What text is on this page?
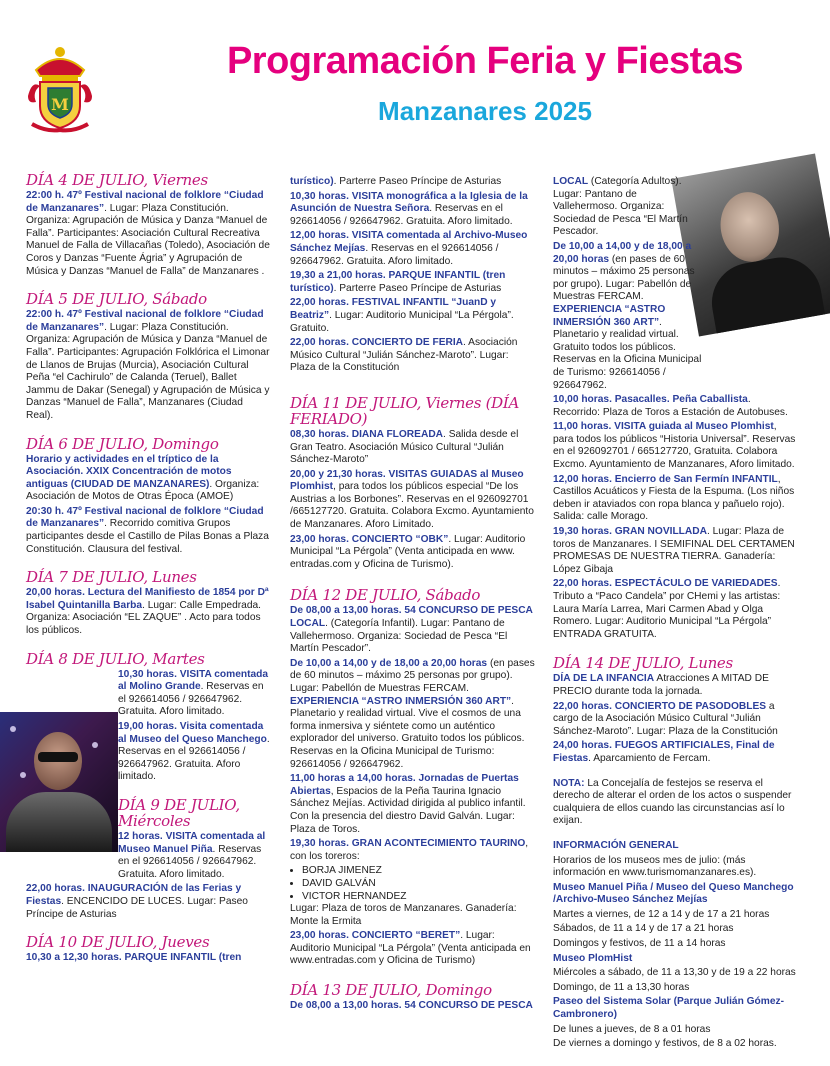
M
Programación Feria y Fiestas
Manzanares 2025
DÍA 4 DE JULIO, Viernes

22:00 h. 47º Festival nacional de folklore “Ciudad de Manzanares”. Lugar: Plaza Constitución. Organiza: Agrupación de Música y Danza “Manuel de Falla”. Participantes: Asociación Cultural Recreativa Manuel de Falla de Villacañas (Toledo), Asociación de Coros y Danzas “Fuente Ágria” y Agrupación de Música y Danzas “Manuel de Falla” de Manzanares .

DÍA 5 DE JULIO, Sábado

22:00 h. 47º Festival nacional de folklore “Ciudad de Manzanares”. Lugar: Plaza Constitución. Organiza: Agrupación de Música y Danza “Manuel de Falla”. Participantes: Agrupación Folklórica el Limonar de Llanos de Brujas (Murcia), Asociación Cultural Peña “el Cachirulo” de Calanda (Teruel), Ballet Jammu de Dakar (Senegal) y Agrupación de Música y Danzas “Manuel de Falla”, Manzanares (Ciudad Real).

DÍA 6 DE JULIO, Domingo

Horario y actividades en el tríptico de la Asociación. XXIX Concentración de motos antiguas (CIUDAD DE MANZANARES). Organiza: Asociación de Motos de Otras Época (AMOE)

20:30 h. 47º Festival nacional de folklore “Ciudad de Manzanares”. Recorrido comitiva Grupos participantes desde el Castillo de Pilas Bonas a Plaza Constitución. Clausura del festival.

DÍA 7 DE JULIO, Lunes

20,00 horas. Lectura del Manifiesto de 1854 por Dª Isabel Quintanilla Barba. Lugar: Calle Empedrada. Organiza: Asociación “EL ZAQUE” . Acto para todos los públicos.

DÍA 8 DE JULIO, Martes

10,30 horas. VISITA comentada al Molino Grande. Reservas en el 926614056 / 926647962. Gratuita. Aforo limitado.

19,00 horas. Visita comentada al Museo del Queso Manchego. Reservas en el 926614056 / 926647962. Gratuita. Aforo limitado.

DÍA 9 DE JULIO, Miércoles

12 horas. VISITA comentada al Museo Manuel Piña. Reservas en el 926614056 / 926647962. Gratuita. Aforo limitado.

22,00 horas. INAUGURACIÓN de las Ferias y Fiestas. ENCENCIDO DE LUCES. Lugar: Paseo Príncipe de Asturias

DÍA 10 DE JULIO, Jueves

10,30 a 12,30 horas. PARQUE INFANTIL (tren

turístico). Parterre Paseo Príncipe de Asturias

10,30 horas. VISITA monográfica a la Iglesia de la Asunción de Nuestra Señora. Reservas en el 926614056 / 926647962. Gratuita. Aforo limitado.

12,00 horas. VISITA comentada al Archivo-Museo Sánchez Mejías. Reservas en el 926614056 / 926647962. Gratuita. Aforo limitado.

19,30 a 21,00 horas. PARQUE INFANTIL (tren turístico). Parterre Paseo Príncipe de Asturias

22,00 horas. FESTIVAL INFANTIL “JuanD y Beatriz”. Lugar: Auditorio Municipal “La Pérgola”. Gratuito.

22,00 horas. CONCIERTO DE FERIA. Asociación Músico Cultural “Julián Sánchez-Maroto”. Lugar: Plaza de la Constitución

DÍA 11 DE JULIO, Viernes (DÍA FERIADO)

08,30 horas. DIANA FLOREADA. Salida desde el Gran Teatro. Asociación Músico Cultural “Julián Sánchez-Maroto”

20,00 y 21,30 horas. VISITAS GUIADAS al Museo Plomhist, para todos los públicos especial “De los Austrias a los Borbones”. Reservas en el 926092701 /665127720. Gratuita. Colabora Excmo. Ayuntamiento de Manzanares. Aforo Limitado.

23,00 horas. CONCIERTO “OBK”. Lugar: Auditorio Municipal “La Pérgola” (Venta anticipada en www. entradas.com y Oficina de Turismo).

DÍA 12 DE JULIO, Sábado

De 08,00 a 13,00 horas. 54 CONCURSO DE PESCA LOCAL. (Categoría Infantil). Lugar: Pantano de Vallehermoso. Organiza: Sociedad de Pesca “El Martín Pescador”.

De 10,00 a 14,00 y de 18,00 a 20,00 horas (en pases de 60 minutos – máximo 25 personas por grupo). Lugar: Pabellón de Muestras FERCAM. EXPERIENCIA “ASTRO INMERSIÓN 360 ART”. Planetario y realidad virtual. Vive el cosmos de una forma inmersiva y siéntete como un auténtico explorador del universo. Gratuito todos los públicos. Reservas en la Oficina Municipal de Turismo: 926614056 / 926647962.

11,00 horas a 14,00 horas. Jornadas de Puertas Abiertas, Espacios de la Peña Taurina Ignacio Sánchez Mejías. Actividad dirigida al publico infantil. Con la presencia del diestro David Galván. Lugar: Plaza de Toros.

19,30 horas. GRAN ACONTECIMIENTO TAURINO, con los toreros:

• BORJA JIMENEZ
• DAVID GALVÁN
• VICTOR HERNANDEZ

Lugar: Plaza de toros de Manzanares. Ganadería: Monte la Ermita

23,00 horas. CONCIERTO “BERET”. Lugar: Auditorio Municipal “La Pérgola” (Venta anticipada en www.entradas.com y Oficina de Turismo)

DÍA 13 DE JULIO, Domingo

De 08,00 a 13,00 horas. 54 CONCURSO DE PESCA

LOCAL (Categoría Adultos). Lugar: Pantano de Vallehermoso. Organiza: Sociedad de Pesca “El Martín Pescador.

De 10,00 a 14,00 y de 18,00 a 20,00 horas (en pases de 60 minutos – máximo 25 personas por grupo). Lugar: Pabellón de Muestras FERCAM. EXPERIENCIA “ASTRO INMERSIÓN 360 ART”. Planetario y realidad virtual. Gratuito todos los públicos. Reservas en la Oficina Municipal de Turismo: 926614056 / 926647962.

10,00 horas. Pasacalles. Peña Caballista. Recorrido: Plaza de Toros a Estación de Autobuses.

11,00 horas. VISITA guiada al Museo Plomhist, para todos los públicos “Historia Universal”. Reservas en el 926092701 / 665127720, Gratuita. Colabora Excmo. Ayuntamiento de Manzanares, Aforo limitado.

12,00 horas. Encierro de San Fermín INFANTIL, Castillos Acuáticos y Fiesta de la Espuma. (Los niños deben ir ataviados con ropa blanca y pañuelo rojo). Salida: calle Morago.

19,30 horas. GRAN NOVILLADA. Lugar: Plaza de toros de Manzanares. I SEMIFINAL DEL CERTAMEN PROMESAS DE NUESTRA TIERRA. Ganadería: López Gibaja

22,00 horas. ESPECTÁCULO DE VARIEDADES. Tributo a “Paco Candela” por CHemi y las artistas: Laura María Larrea, Mari Carmen Abad y Olga Romero. Lugar: Auditorio Municipal “La Pérgola” ENTRADA GRATUITA.

DÍA 14 DE JULIO, Lunes

DÍA DE LA INFANCIA Atracciones A MITAD DE PRECIO durante toda la jornada.

22,00 horas. CONCIERTO DE PASODOBLES a cargo de la Asociación Músico Cultural “Julián Sánchez-Maroto”. Lugar: Plaza de la Constitución

24,00 horas. FUEGOS ARTIFICIALES, Final de Fiestas. Aparcamiento de Fercam.

NOTA: La Concejalía de festejos se reserva el derecho de alterar el orden de los actos o suspender cualquiera de ellos cuando las circunstancias así lo exijan.

INFORMACIÓN GENERAL

Horarios de los museos mes de julio: (más información en www.turismomanzanares.es).

Museo Manuel Piña / Museo del Queso Manchego /Archivo-Museo Sánchez Mejías

Martes a viernes, de 12 a 14 y de 17 a 21 horas

Sábados, de 11 a 14 y de 17 a 21 horas

Domingos y festivos, de 11 a 14 horas

Museo PlomHist

Miércoles a sábado, de 11 a 13,30 y de 19 a 22 horas

Domingo, de 11 a 13,30 horas

Paseo del Sistema Solar (Parque Julián Gómez-Cambronero)

De lunes a jueves, de 8 a 01 horas

De viernes a domingo y festivos, de 8 a 02 horas.
